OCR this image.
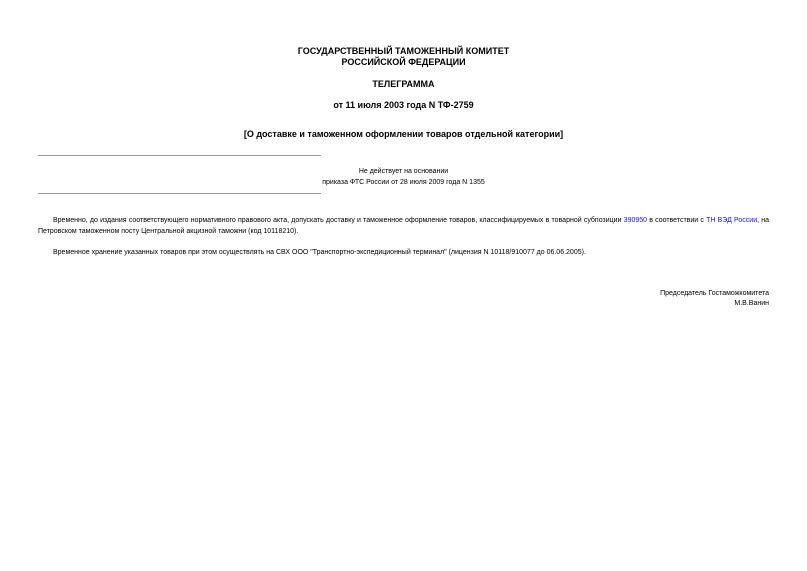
ГОСУДАРСТВЕННЫЙ ТАМОЖЕННЫЙ КОМИТЕТ
РОССИЙСКОЙ ФЕДЕРАЦИИ
ТЕЛЕГРАММА
от 11 июля 2003 года N ТФ-2759
[О доставке и таможенном оформлении товаров отдельной категории]
Не действует на основании
приказа ФТС России от 28 июля 2009 года N 1355
Временно, до издания соответствующего нормативного правового акта, допускать доставку и таможенное оформление товаров, классифицируемых в товарной субпозиции 390950 в соответствии с ТН ВЭД России, на Петровском таможенном посту Центральной акцизной таможни (код 10118210).
Временное хранение указанных товаров при этом осуществлять на СВХ ООО "Транспортно-экспедиционный терминал" (лицензия N 10118/910077 до 06.06.2005).
Председатель Гостаможкомитета
М.В.Ванин
